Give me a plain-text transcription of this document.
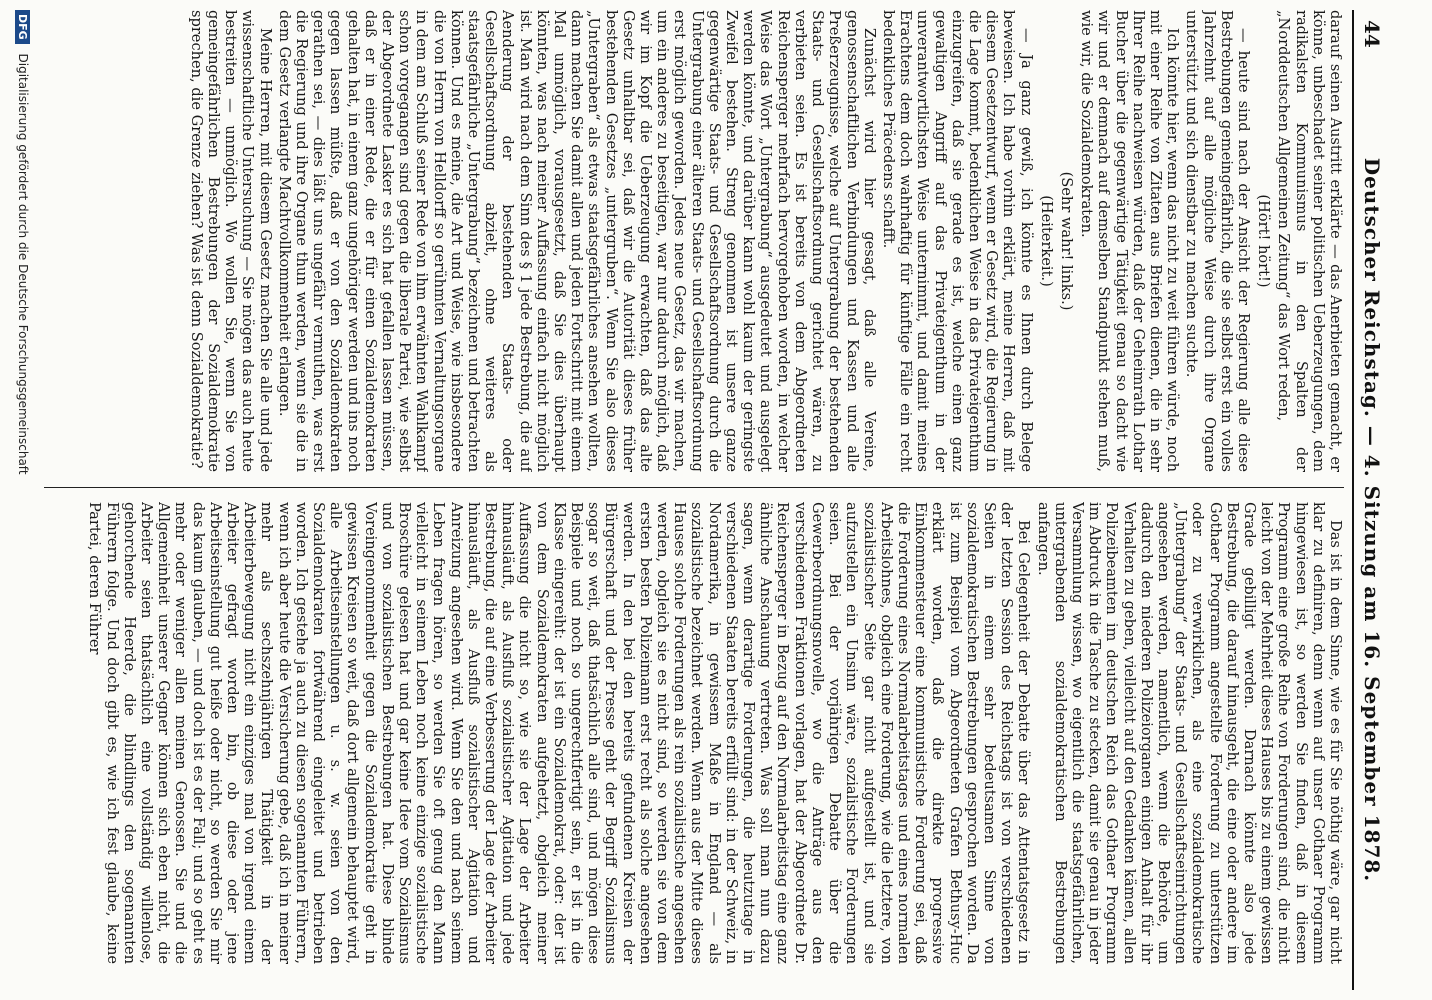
44
Deutscher Reichstag. — 4. Sitzung am 16. September 1878.

darauf seinen Austritt erklärte — das Anerbieten gemacht, er könne, unbeschadet seiner politischen Ueberzeugungen, dem radikalsten Kommunismus in den Spalten der „Norddeutschen Allgemeinen Zeitung“ das Wort reden,

(Hört! hört!)

— heute sind nach der Ansicht der Regierung alle diese Bestrebungen gemeingefährlich, die sie selbst erst ein volles Jahrzehnt auf alle mögliche Weise durch ihre Organe unterstützt und sich dienstbar zu machen suchte.

Ich könnte hier, wenn das nicht zu weit führen würde, noch mit einer Reihe von Zitaten aus Briefen dienen, die in sehr Ihrer Reihe nachweisen würden, daß der Geheimrath Lothar Bucher über die gegenwärtige Tätigkeit genau so dacht wie wir und er demnach auf demselben Standpunkt stehen muß, wie wir, die Sozialdemokraten.

(Sehr wahr! links.)

(Heiterkeit.)

— Ja ganz gewiß, ich könnte es Ihnen durch Belege beweisen. Ich habe vorhin erklärt, meine Herren, daß mit diesem Gesetzentwurf, wenn er Gesetz wird, die Regierung in die Lage kommt, bedenklichen Weise in das Privateigenthum einzugreifen, daß sie gerade es ist, welche einen ganz gewaltigen Angriff auf das Privateigenthum in der unverantwortlichsten Weise unternimmt, und damit meines Erachtens dem doch wahrhaftig für künftige Fälle ein recht bedenkliches Präcedens schafft.

Zunächst wird hier gesagt, daß alle Vereine, genossenschaftlichen Verbindungen und Kassen und alle Preßerzeugnisse, welche auf Untergrabung der bestehenden Staats- und Gesellschaftsordnung gerichtet wären, zu verbieten seien. Es ist bereits von dem Abgeordneten Reichensperger mehrfach hervorgehoben worden, in welcher Weise das Wort „Untergrabung“ ausgedeutet und ausgelegt werden könnte, und darüber kann wohl kaum der geringste Zweifel bestehen. Streng genommen ist unsere ganze gegenwärtige Staats- und Gesellschaftsordnung durch die Untergrabung einer älteren Staats- und Gesellschaftsordnung erst möglich geworden. Jedes neue Gesetz, das wir machen, um ein anderes zu beseitigen, war nur dadurch möglich, daß wir im Kopf die Ueberzeugung erwachten, daß das alte Gesetz unhaltbar sei, daß wir die Autorität dieses früher bestehenden Gesetzes „untergruben“. Wenn Sie also dieses „Untergraben“ als etwas staatsgefährliches ansehen wollten, dann machen Sie damit allen und jeden Fortschritt mit einem Mal unmöglich, vorausgesetzt, daß Sie dies überhaupt könnten, was nach meiner Auffassung einfach nicht möglich ist. Man wird nach dem Sinn des § 1 jede Bestrebung, die auf Aenderung der bestehenden Staats- oder Gesellschaftsordnung abzielt, ohne weiteres als staatsgefährliche „Untergrabung“ bezeichnen und betrachten können. Und es meine, die Art und Weise, wie insbesondere die von Herrn von Helldorff so gerühmten Vernaltungsorgane in dem am Schluß seiner Rede von ihm erwähnten Wahlkampf schon vorgegangen sind gegen die liberale Partei, wie selbst der Abgeordnete Lasker es sich hat gefallen lassen müssen, daß er in einer Rede, die er für einen Sozialdemokraten gehalten hat, in einem ganz ungehöriger werden und ins noch gegen lassen müßte, daß er von den Sozialdemokraten gerathen sei, — dies läßt uns ungefähr vermuthen, was erst die Regierung und ihre Organe thun werden, wenn sie die in dem Gesetz verlangte Machtvollkommenheit erlangen.

Meine Herren, mit diesem Gesetz machen Sie alle und jede wissenschaftliche Untersuchung — Sie mögen das auch heute bestreiten — unmöglich. Wo wollen Sie, wenn Sie von gemeingefährlichen Bestrebungen der Sozialdemokratie sprechen, die Grenze ziehen? Was ist denn Sozialdemokratie?

Das ist in dem Sinne, wie es für Sie nöthig wäre, gar nicht klar zu definiren, denn wenn auf unser Gothaer Programm hingewiesen ist, so werden Sie finden, daß in diesem Programm eine große Reihe von Forderungen sind, die nicht leicht von der Mehrheit dieses Hauses bis zu einem gewissen Grade gebilligt werden. Darnach könnte also jede Bestrebung, die darauf hinausgeht, die eine oder andere im Gothaer Programm angestellte Forderung zu unterstützen oder zu verwirklichen, als eine sozialdemokratische „Untergrabung“ der Staats- und Gesellschaftseinrichtungen angesehen werden, namentlich, wenn die Behörde, um dadurch den niederen Polizeiorganen einigen Anhalt für ihr Verhalten zu geben, vielleicht auf den Gedanken kämen, allen Polizeibeamten im deutschen Reich das Gothaer Programm im Abdruck in die Tasche zu stecken, damit sie genau in jeder Versammlung wissen, wo eigentlich die staatsgefährlichen, untergrabenden sozialdemokratischen Bestrebungen anfangen.

Bei Gelegenheit der Debatte über das Attentatsgesetz in der letzten Session des Reichstags ist von verschiedenen Seiten in einem sehr bedeutsamen Sinne von sozialdemokratischen Bestrebungen gesprochen worden. Da ist zum Beispiel vom Abgeordneten Grafen Bethusy-Huc erklärt worden, daß die direkte progressive Einkommensteuer eine kommunistische Forderung sei, daß die Forderung eines Normalarbeitstages und eines normalen Arbeitslohnes, obgleich eine Forderung, wie die letztere, von sozialistischer Seite gar nicht aufgestellt ist, und sie aufzustellen ein Unsinn wäre, sozialistische Forderungen seien. Bei der vorjährigen Debatte über die Gewerbeordnungsnovelle, wo die Anträge aus den verschiedenen Fraktionen vorlagen, hat der Abgeordnete Dr. Reichensperger in Bezug auf den Normalarbeitstag eine ganz ähnliche Anschauung vertreten. Was soll man nun dazu sagen, wenn derartige Forderungen, die heutzutage in verschiedenen Staaten bereits erfüllt sind: in der Schweiz, in Nordamerika, in gewissem Maße in England — als sozialistische bezeichnet werden. Wenn aus der Mitte dieses Hauses solche Forderungen als rein sozialistische angesehen werden, obgleich sie es nicht sind, so werden sie von dem ersten besten Polizeimann erst recht als solche angesehen werden. In den bei den bereits gefundenen Kreisen der Bürgerschaft und der Presse geht der Begriff Sozialismus sogar so weit, daß thatsächlich alle sind, und mögen diese Beispiele und noch so ungerechtfertigt sein, er ist in die Klasse eingereiht: der ist ein Sozialdemokrat, oder: der ist von dem Sozialdemokraten aufgehetzt, obgleich meiner Auffassung die nicht so, wie sie der Lage der Arbeiter hinausläuft, als Ausfluß sozialistischer Agitation und jede Bestrebung, die auf eine Verbesserung der Lage der Arbeiter hinausläuft, als Ausfluß sozialistischer Agitation und Anreizung angesehen wird. Wenn Sie den und nach seinem Leben fragen hören, so werden Sie oft genug den Mann vielleicht in seinem Leben noch keine einzige sozialistische Broschüre gelesen hat und gar keine Idee vom Sozialismus und von sozialistischen Bestrebungen hat. Diese blinde Voreingenommenheit gegen die Sozialdemokratie geht in gewissen Kreisen so weit, daß dort allgemein behauptet wird, alle Arbeitseinstellungen u. s. w. seien von den Sozialdemokraten fortwährend eingeleitet und betrieben worden. Ich gestehe ja auch zu diesen sogenannten Führern, wenn ich aber heute die Versicherung gebe, daß ich in meiner mehr als sechszehnjährigen Thätigkeit in der Arbeiterbewegung nicht ein einziges mal von irgend einem Arbeiter gefragt worden bin, ob diese oder jene Arbeitseinstellung gut heiße oder nicht, so werden Sie mir das kaum glauben, — und doch ist es der Fall; und so geht es mehr oder weniger allen meinen Genossen. Sie und die Allgemeinheit unserer Gegner können sich eben nicht, die Arbeiter seien thatsächlich eine vollständig willenlose, gehorchende Heerde, die blindlings den sogenannten Führern folge. Und doch gibt es, wie ich fest glaube, keine Partei, deren Führer

DFG Digitalisierung gefördert durch die Deutsche Forschungsgemeinschaft
